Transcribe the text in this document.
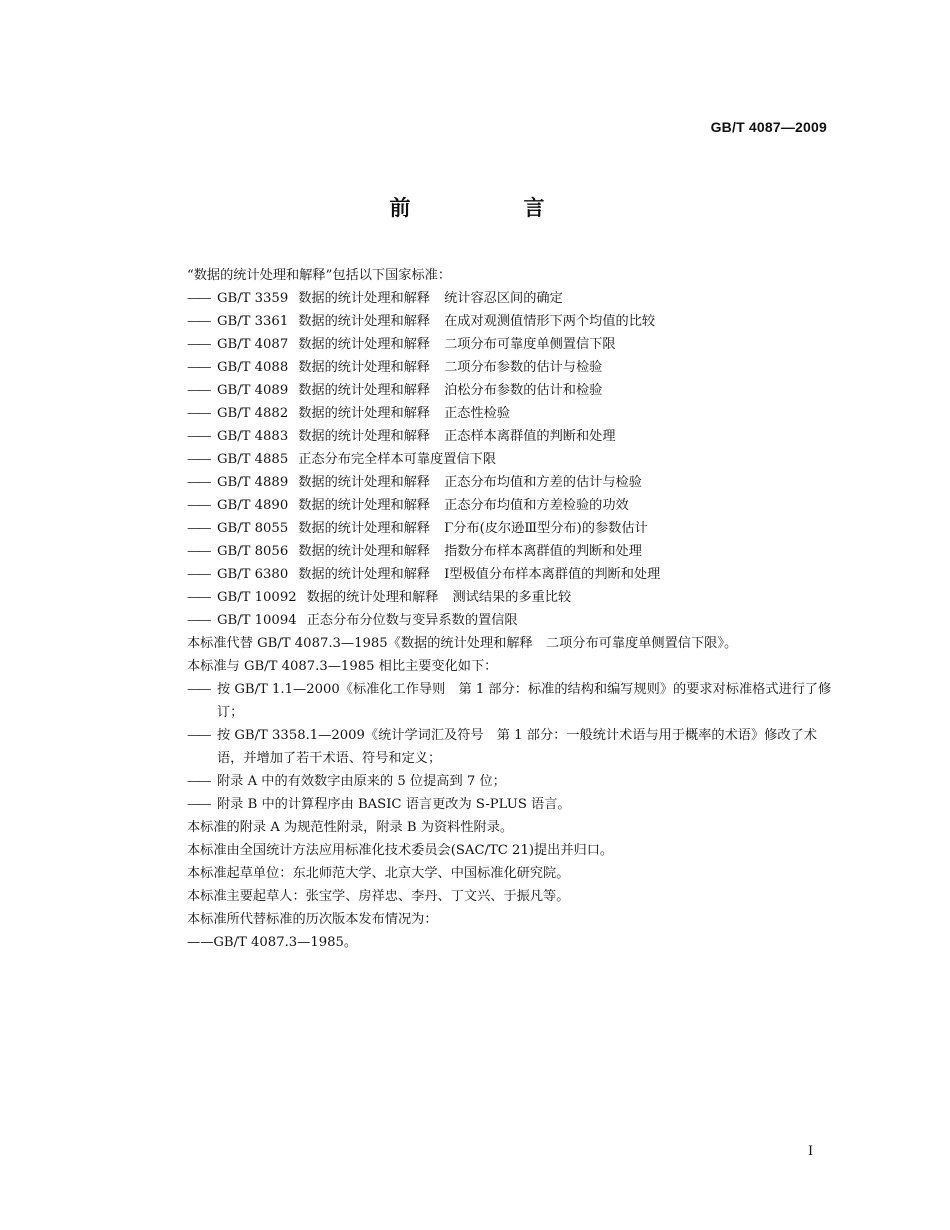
GB/T 4087—2009
前　言
“数据的统计处理和解释”包括以下国家标准：
—— GB/T 3359 数据的统计处理和解释 统计容忍区间的确定
—— GB/T 3361 数据的统计处理和解释 在成对观测值情形下两个均值的比较
—— GB/T 4087 数据的统计处理和解释 二项分布可靠度单侧置信下限
—— GB/T 4088 数据的统计处理和解释 二项分布参数的估计与检验
—— GB/T 4089 数据的统计处理和解释 泊松分布参数的估计和检验
—— GB/T 4882 数据的统计处理和解释 正态性检验
—— GB/T 4883 数据的统计处理和解释 正态样本离群值的判断和处理
—— GB/T 4885 正态分布完全样本可靠度置信下限
—— GB/T 4889 数据的统计处理和解释 正态分布均值和方差的估计与检验
—— GB/T 4890 数据的统计处理和解释 正态分布均值和方差检验的功效
—— GB/T 8055 数据的统计处理和解释 Γ分布(皮尔逊Ⅲ型分布)的参数估计
—— GB/T 8056 数据的统计处理和解释 指数分布样本离群值的判断和处理
—— GB/T 6380 数据的统计处理和解释 Ⅰ型极值分布样本离群值的判断和处理
—— GB/T 10092 数据的统计处理和解释 测试结果的多重比较
—— GB/T 10094 正态分布分位数与变异系数的置信限
本标准代替 GB/T 4087.3—1985《数据的统计处理和解释　二项分布可靠度单侧置信下限》。
本标准与 GB/T 4087.3—1985 相比主要变化如下：
—— 按 GB/T 1.1—2000《标准化工作导则　第 1 部分：标准的结构和编写规则》的要求对标准格式进行了修订；
—— 按 GB/T 3358.1—2009《统计学词汇及符号　第 1 部分：一般统计术语与用于概率的术语》修改了术语，并增加了若干术语、符号和定义；
—— 附录 A 中的有效数字由原来的 5 位提高到 7 位；
—— 附录 B 中的计算程序由 BASIC 语言更改为 S-PLUS 语言。
本标准的附录 A 为规范性附录，附录 B 为资料性附录。
本标准由全国统计方法应用标准化技术委员会(SAC/TC 21)提出并归口。
本标准起草单位：东北师范大学、北京大学、中国标准化研究院。
本标准主要起草人：张宝学、房祥忠、李丹、丁文兴、于振凡等。
本标准所代替标准的历次版本发布情况为：
——GB/T 4087.3—1985。
Ⅰ
